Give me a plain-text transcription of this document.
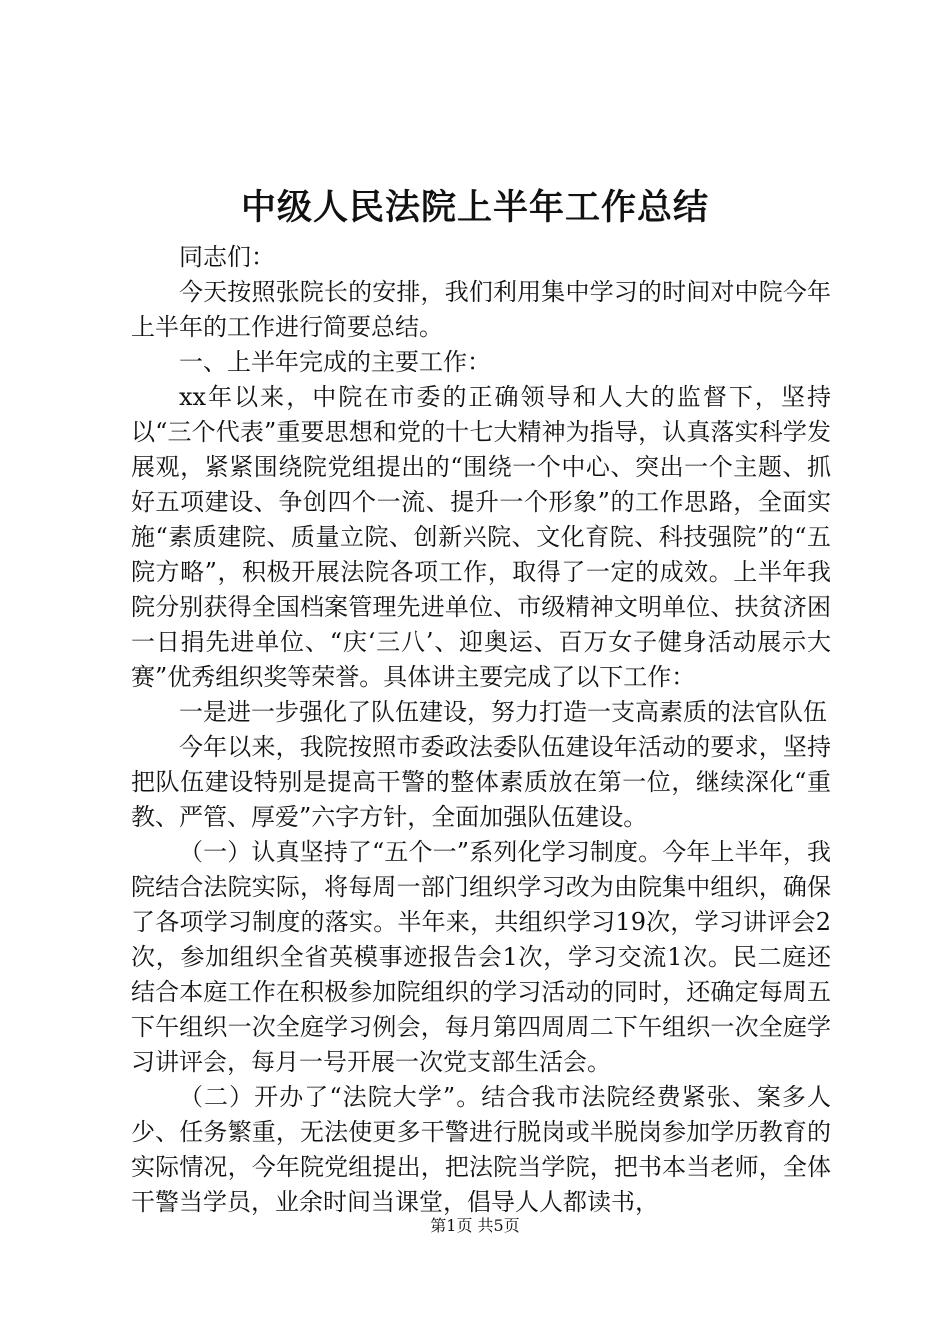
中级人民法院上半年工作总结

同志们：

今天按照张院长的安排，我们利用集中学习的时间对中院今年上半年的工作进行简要总结。

一、上半年完成的主要工作：

xx年以来，中院在市委的正确领导和人大的监督下，坚持以“三个代表”重要思想和党的十七大精神为指导，认真落实科学发展观，紧紧围绕院党组提出的“围绕一个中心、突出一个主题、抓好五项建设、争创四个一流、提升一个形象”的工作思路，全面实施“素质建院、质量立院、创新兴院、文化育院、科技强院”的“五院方略”，积极开展法院各项工作，取得了一定的成效。上半年我院分别获得全国档案管理先进单位、市级精神文明单位、扶贫济困一日捐先进单位、“庆‘三八’、迎奥运、百万女子健身活动展示大赛”优秀组织奖等荣誉。具体讲主要完成了以下工作：

一是进一步强化了队伍建设，努力打造一支高素质的法官队伍

今年以来，我院按照市委政法委队伍建设年活动的要求，坚持把队伍建设特别是提高干警的整体素质放在第一位，继续深化“重教、严管、厚爱”六字方针，全面加强队伍建设。

（一）认真坚持了“五个一”系列化学习制度。今年上半年，我院结合法院实际，将每周一部门组织学习改为由院集中组织，确保了各项学习制度的落实。半年来，共组织学习19次，学习讲评会2次，参加组织全省英模事迹报告会1次，学习交流1次。民二庭还结合本庭工作在积极参加院组织的学习活动的同时，还确定每周五下午组织一次全庭学习例会，每月第四周周二下午组织一次全庭学习讲评会，每月一号开展一次党支部生活会。

（二）开办了“法院大学”。结合我市法院经费紧张、案多人少、任务繁重，无法使更多干警进行脱岗或半脱岗参加学历教育的实际情况，今年院党组提出，把法院当学院，把书本当老师，全体干警当学员，业余时间当课堂，倡导人人都读书，

第1页 共5页
